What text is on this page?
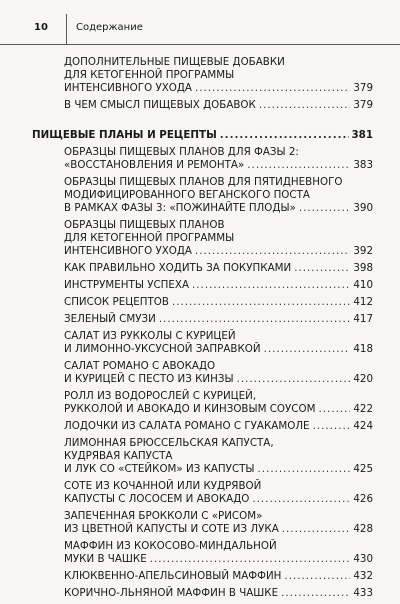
10	Содержание
ДОПОЛНИТЕЛЬНЫЕ ПИЩЕВЫЕ ДОБАВКИ
ДЛЯ КЕТОГЕННОЙ ПРОГРАММЫ
ИНТЕНСИВНОГО УХОДА .....	379
В ЧЕМ СМЫСЛ ПИЩЕВЫХ ДОБАВОК .....	379
ПИЩЕВЫЕ ПЛАНЫ И РЕЦЕПТЫ .....	381
ОБРАЗЦЫ ПИЩЕВЫХ ПЛАНОВ ДЛЯ ФАЗЫ 2:
«ВОССТАНОВЛЕНИЯ И РЕМОНТА» .....	383
ОБРАЗЦЫ ПИЩЕВЫХ ПЛАНОВ ДЛЯ ПЯТИДНЕВНОГО
МОДИФИЦИРОВАННОГО ВЕГАНСКОГО ПОСТА
В РАМКАХ ФАЗЫ 3: «ПОЖИНАЙТЕ ПЛОДЫ» .....	390
ОБРАЗЦЫ ПИЩЕВЫХ ПЛАНОВ
ДЛЯ КЕТОГЕННОЙ ПРОГРАММЫ
ИНТЕНСИВНОГО УХОДА .....	392
КАК ПРАВИЛЬНО ХОДИТЬ ЗА ПОКУПКАМИ .....	398
ИНСТРУМЕНТЫ УСПЕХА .....	410
СПИСОК РЕЦЕПТОВ .....	412
ЗЕЛЕНЫЙ СМУЗИ .....	417
САЛАТ ИЗ РУККОЛЫ С КУРИЦЕЙ
И ЛИМОННО-УКСУСНОЙ ЗАПРАВКОЙ .....	418
САЛАТ РОМАНО С АВОКАДО
И КУРИЦЕЙ С ПЕСТО ИЗ КИНЗЫ .....	420
РОЛЛ ИЗ ВОДОРОСЛЕЙ С КУРИЦЕЙ,
РУККОЛОЙ И АВОКАДО И КИНЗОВЫМ СОУСОМ .....	422
ЛОДОЧКИ ИЗ САЛАТА РОМАНО С ГУАКАМОЛЕ .....	424
ЛИМОННАЯ БРЮССЕЛЬСКАЯ КАПУСТА,
КУДРЯВАЯ КАПУСТА
И ЛУК СО «СТЕЙКОМ» ИЗ КАПУСТЫ .....	425
СОТЕ ИЗ КОЧАННОЙ ИЛИ КУДРЯВОЙ
КАПУСТЫ С ЛОСОСЕМ И АВОКАДО .....	426
ЗАПЕЧЕННАЯ БРОККОЛИ С «РИСОМ»
ИЗ ЦВЕТНОЙ КАПУСТЫ И СОТЕ ИЗ ЛУКА .....	428
МАФФИН ИЗ КОКОСОВО-МИНДАЛЬНОЙ
МУКИ В ЧАШКЕ .....	430
КЛЮКВЕННО-АПЕЛЬСИНОВЫЙ МАФФИН .....	432
КОРИЧНО-ЛЬНЯНОЙ МАФФИН В ЧАШКЕ .....	433
